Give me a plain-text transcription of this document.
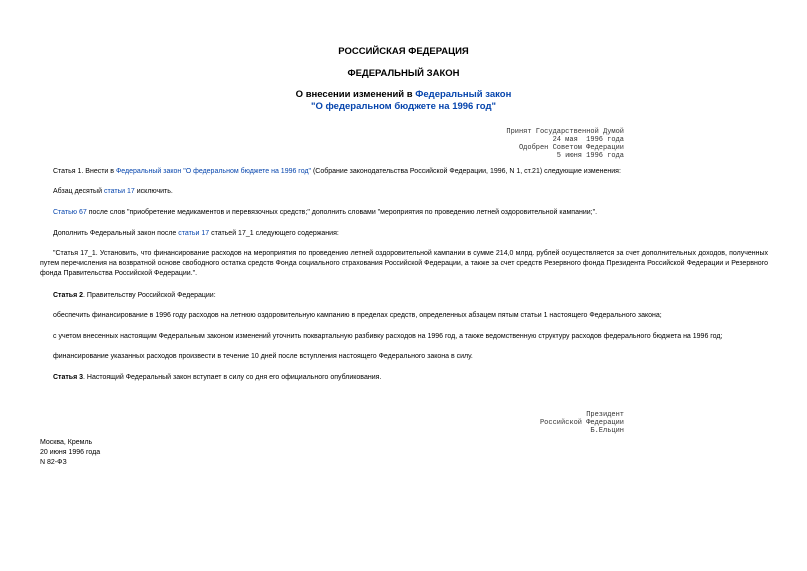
РОССИЙСКАЯ ФЕДЕРАЦИЯ
ФЕДЕРАЛЬНЫЙ ЗАКОН
О внесении изменений в Федеральный закон
"О федеральном бюджете на 1996 год"
Принят Государственной Думой
24 мая  1996 года
Одобрен Советом Федерации
5 июня 1996 года
Статья 1. Внести в Федеральный закон "О федеральном бюджете на 1996 год" (Собрание законодательства Российской Федерации, 1996, N 1, ст.21) следующие изменения:
Абзац десятый статьи 17 исключить.
Статью 67 после слов "приобретение медикаментов и перевязочных средств;" дополнить словами "мероприятия по проведению летней оздоровительной кампании;".
Дополнить Федеральный закон после статьи 17 статьей 17_1 следующего содержания:
"Статья 17_1. Установить, что финансирование расходов на мероприятия по проведению летней оздоровительной кампании в сумме 214,0 млрд. рублей осуществляется за счет дополнительных доходов, полученных путем перечисления на возвратной основе свободного остатка средств Фонда социального страхования Российской Федерации, а также за счет средств Резервного фонда Президента Российской Федерации и Резервного фонда Правительства Российской Федерации.".
Статья 2. Правительству Российской Федерации:
обеспечить финансирование в 1996 году расходов на летнюю оздоровительную кампанию в пределах средств, определенных абзацем пятым статьи 1 настоящего Федерального закона;
с учетом внесенных настоящим Федеральным законом изменений уточнить поквартальную разбивку расходов на 1996 год, а также ведомственную структуру расходов федерального бюджета на 1996 год;
финансирование указанных расходов произвести в течение 10 дней после вступления настоящего Федерального закона в силу.
Статья 3. Настоящий Федеральный закон вступает в силу со дня его официального опубликования.
Президент
Российской Федерации
Б.Ельцин
Москва, Кремль
20 июня 1996 года
N 82-ФЗ
